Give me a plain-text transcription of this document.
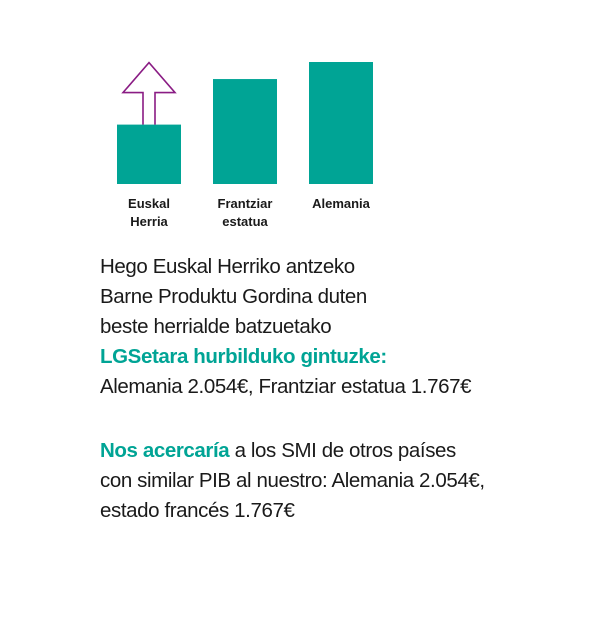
Euskal
Herria
Frantziar
estatua
Alemania
Hego Euskal Herriko antzeko
Barne Produktu Gordina duten
beste herrialde batzuetako
LGSetara hurbilduko gintuzke:
Alemania 2.054€, Frantziar estatua 1.767€
Nos acercaría a los SMI de otros países
con similar PIB al nuestro: Alemania 2.054€,
estado francés 1.767€
